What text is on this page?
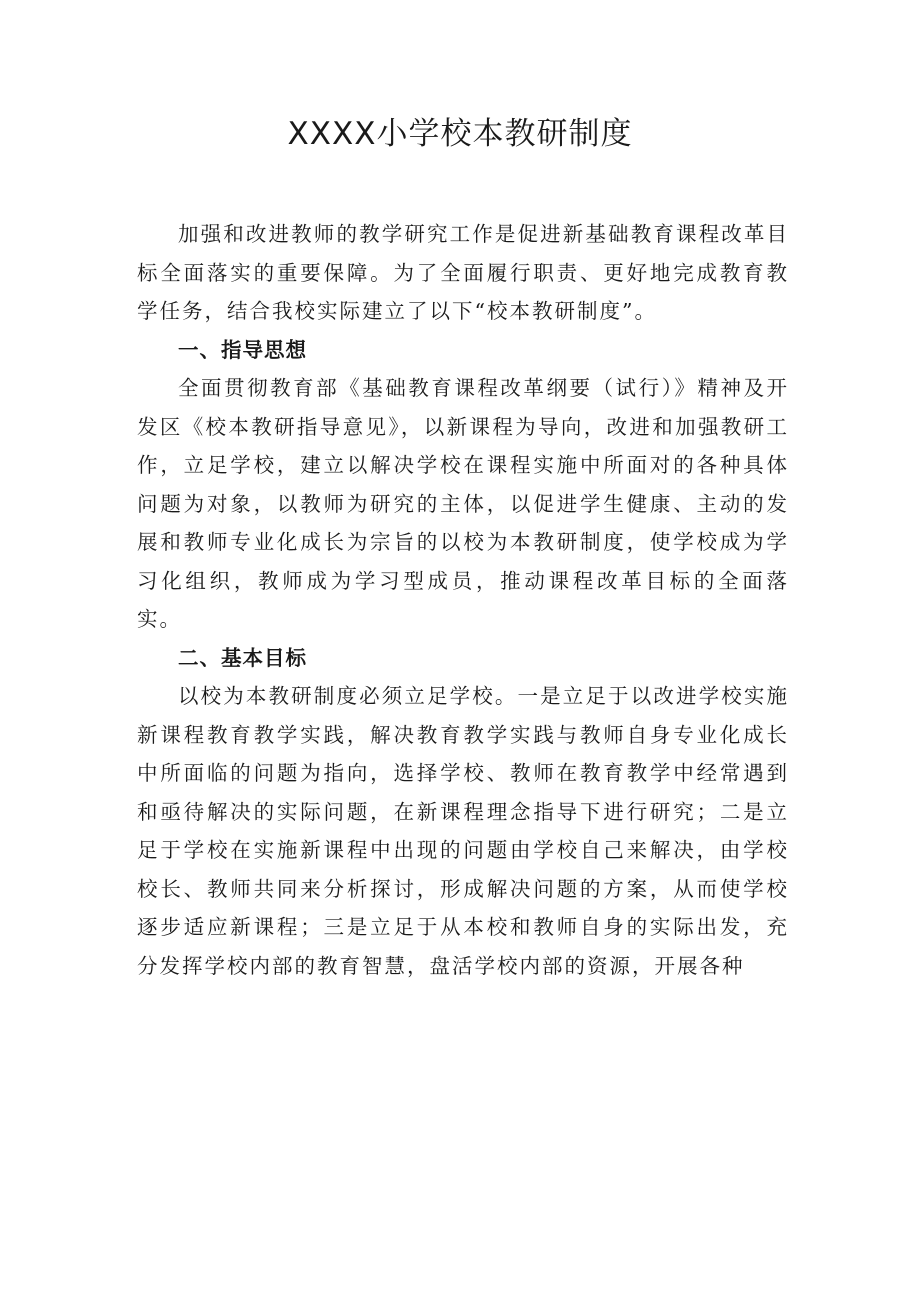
XXXX小学校本教研制度

加强和改进教师的教学研究工作是促进新基础教育课程改革目标全面落实的重要保障。为了全面履行职责、更好地完成教育教学任务，结合我校实际建立了以下“校本教研制度”。

一、指导思想

全面贯彻教育部《基础教育课程改革纲要（试行）》精神及开发区《校本教研指导意见》，以新课程为导向，改进和加强教研工作，立足学校，建立以解决学校在课程实施中所面对的各种具体问题为对象，以教师为研究的主体，以促进学生健康、主动的发展和教师专业化成长为宗旨的以校为本教研制度，使学校成为学习化组织，教师成为学习型成员，推动课程改革目标的全面落实。

二、基本目标

以校为本教研制度必须立足学校。一是立足于以改进学校实施新课程教育教学实践，解决教育教学实践与教师自身专业化成长中所面临的问题为指向，选择学校、教师在教育教学中经常遇到和亟待解决的实际问题，在新课程理念指导下进行研究；二是立足于学校在实施新课程中出现的问题由学校自己来解决，由学校校长、教师共同来分析探讨，形成解决问题的方案，从而使学校逐步适应新课程；三是立足于从本校和教师自身的实际出发，充分发挥学校内部的教育智慧，盘活学校内部的资源，开展各种
